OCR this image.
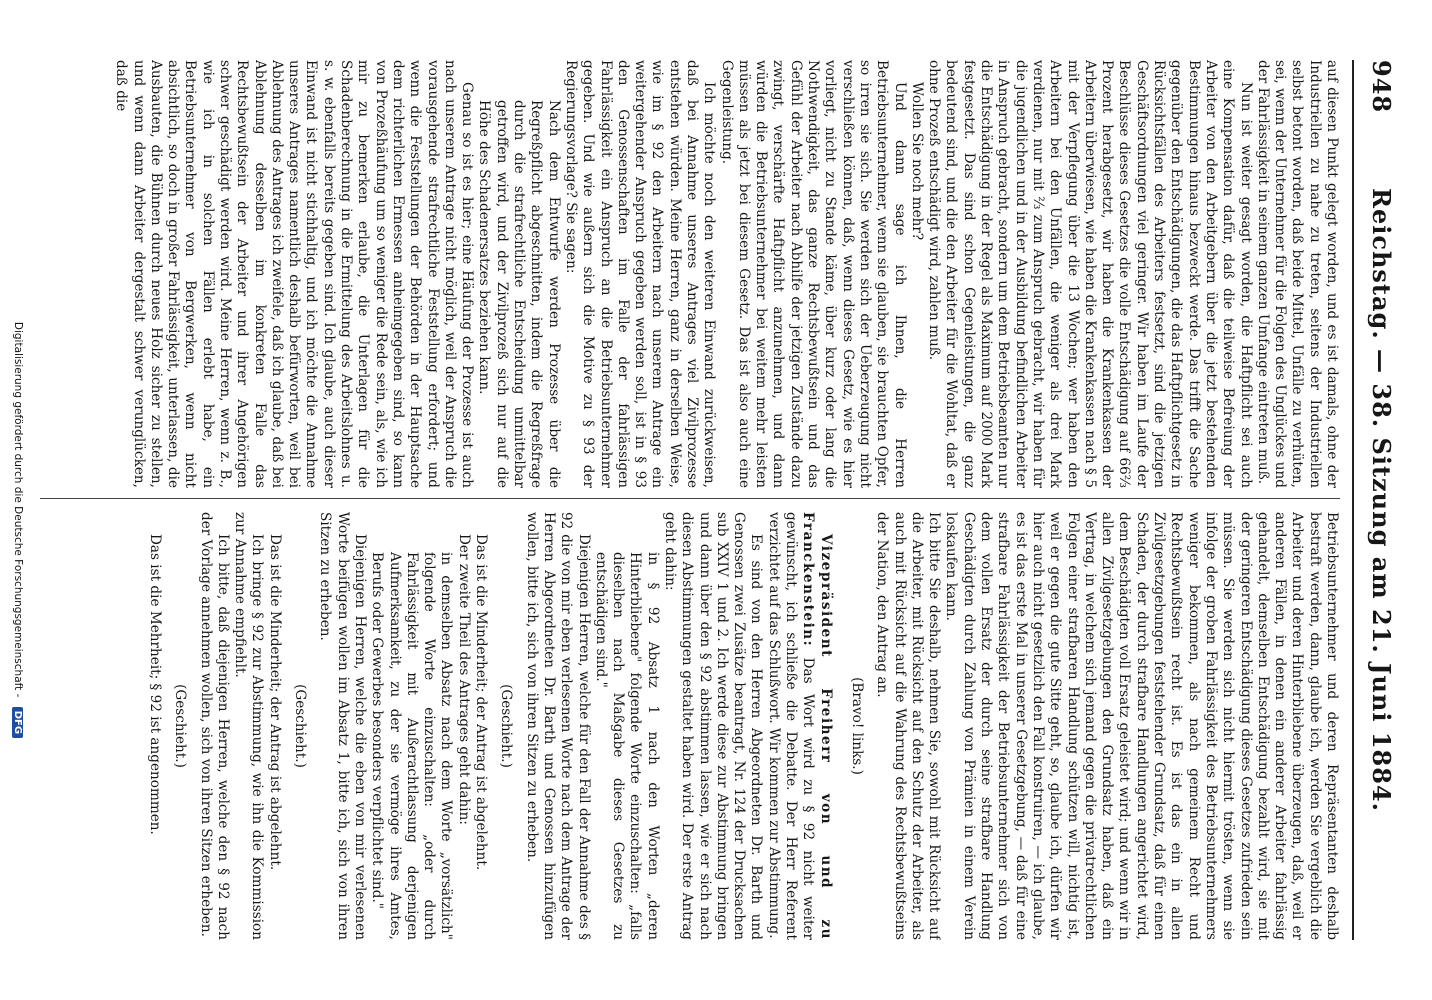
948
Reichstag. — 38. Sitzung am 21. Juni 1884.

auf diesen Punkt gelegt worden, und es ist damals, ohne der Industriellen zu nahe zu treten, seitens der Industriellen selbst betont worden, daß beide Mittel, Unfälle zu verhüten, sei, wenn der Unternehmer für die Folgen des Unglückes und der Fahrlässigkeit in seinem ganzen Umfange eintreten muß.

Nun ist weiter gesagt worden, die Haftpflicht sei auch eine Kompensation dafür, daß die teilweise Befreiung der Arbeiter von den Arbeitgebern über die jetzt bestehenden Bestimmungen hinaus bezweckt werde. Das trifft die Sache gegenüber den Entschädigungen, die das Haftpflichtgesetz in Rücksichtsfällen des Arbeiters festsetzt, sind die jetzigen Geschäftsordnungen viel geringer. Wir haben im Laufe der Beschlüsse dieses Gesetzes die volle Entschädigung auf 66⅔ Prozent herabgesetzt, wir haben die Krankenkassen der Arbeitern überwiesen, wie haben die Krankenkassen nach § 5 mit der Verpflegung über die 13 Wochen; wer haben den Arbeitern bei den Unfällen, die weniger als drei Mark verdienen, nur mit ⅔ zum Anspruch gebracht, wir haben für die jugendlichen und in der Ausbildung befindlichen Arbeiter in Anspruch gebracht, sondern um dem Betriebsbeamten nur die Entschädigung in der Regel als Maximum auf 2000 Mark festgesetzt. Das sind schon Gegenleistungen, die ganz bedeutend sind, und die den Arbeiter für die Wohltat, daß er ohne Prozeß entschädigt wird, zahlen muß.

Wollen Sie noch mehr?

Und dann sage ich Ihnen, die Herren Betriebsunternehmer, wenn sie glauben, sie brauchten Opfer, so irren sie sich. Sie werden sich der Ueberzeugung nicht verschließen können, daß, wenn dieses Gesetz, wie es hier vorliegt, nicht zu Stande käme, über kurz oder lang die Nothwendigkeit, das ganze Rechtsbewußtsein und das Gefühl der Arbeiter nach Abhilfe der jetzigen Zustände dazu zwingt, verschärfte Haftpflicht anzunehmen, und dann würden die Betriebsunternehmer bei weitem mehr leisten müssen als jetzt bei diesem Gesetz. Das ist also auch eine Gegenleistung.

Ich möchte noch den weiteren Einwand zurückweisen, daß bei Annahme unseres Antrages viel Zivilprozesse entstehen würden. Meine Herren, ganz in derselben Weise, wie im § 92 den Arbeitern nach unserem Antrage ein weitergehender Anspruch gegeben werden soll, ist in § 93 den Genossenschaften im Falle der fahrlässigen Fahrlässigkeit ein Anspruch an die Betriebsunternehmer gegeben. Und wie außern sich die Motive zu § 93 der Regierungsvorlage? Sie sagen:

Nach dem Entwurfe werden Prozesse über die Regreßpflicht abgeschnitten, indem die Regreßfrage durch die strafrechtliche Entscheidung unmittelbar getroffen wird, und der Zivilprozeß sich nur auf die Höhe des Schadenersatzes beziehen kann.

Genau so ist es hier; eine Häufung der Prozesse ist auch nach unserem Antrage nicht möglich, weil der Anspruch die vorausgehende strafrechtliche Feststellung erfordert; und wenn die Feststellungen der Behörden in der Hauptsache dem richterlichen Ermessen anheimgegeben sind, so kann von Prozeßhäufung um so weniger die Rede sein, als, wie ich mir zu bemerken erlaube, die Unterlagen für die Schadenberechnung in die Ermittelung des Arbeitslohnes u. s. w. ebenfalls bereits gegeben sind. Ich glaube, auch dieser Einwand ist nicht stichhaltig, und ich möchte die Annahme unseres Antrages namentlich deshalb befürworten, weil bei Ablehnung des Antrages ich zweifele, daß ich glaube, daß bei Ablehnung desselben im konkreten Falle das Rechtsbewußtsein der Arbeiter und ihrer Angehörigen schwer geschädigt werden wird. Meine Herren, wenn z. B., wie ich in solchen Fällen erlebt habe, ein Betriebsunternehmer von Bergwerken, wenn nicht absichtlich, so doch in großer Fahrlässigkeit, unterlassen, die Ausbauten, die Bühnen durch neues Holz sicher zu stellen, und wenn dann Arbeiter dergestalt schwer verunglücken, daß die

Betriebsunternehmer und deren Repräsentanten deshalb bestraft werden, dann, glaube ich, werden Sie vergeblich die Arbeiter und deren Hinterbliebene überzeugen, daß, weil er anderen Fällen, in denen ein anderer Arbeiter fahrlässig gehandelt, demselben Entschädigung bezahlt wird, sie mit der geringeren Entschädigung dieses Gesetzes zufrieden sein müssen. Sie werden sich nicht hiermit trösten, wenn sie infolge der groben Fahrlässigkeit des Betriebsunternehmers weniger bekommen, als nach gemeinem Recht und Rechtsbewußtsein recht ist. Es ist das ein in allen Zivilgesetzgebungen feststehender Grundsatz, daß für einen Schaden, der durch strafbare Handlungen angerichtet wird, dem Beschädigten voll Ersatz geleistet wird; und wenn wir in allen Zivilgesetzgebungen den Grundsatz haben, daß ein Vertrag, in welchem sich jemand gegen die privatrechtlichen Folgen einer strafbaren Handlung schützen will, nichtig ist, weil er gegen die gute Sitte geht, so, glaube ich, dürfen wir hier auch nicht gesetzlich den Fall konstruiren, — ich glaube, es ist das erste Mal in unserer Gesetzgebung, — daß für eine strafbare Fahrlässigkeit der Betriebsunternehmer sich von dem vollen Ersatz der durch seine strafbare Handlung Geschädigten durch Zahlung von Prämien in einem Verein loskaufen kann.

Ich bitte Sie deshalb, nehmen Sie, sowohl mit Rücksicht auf die Arbeiter, mit Rücksicht auf den Schutz der Arbeiter, als auch mit Rücksicht auf die Wahrung des Rechtsbewußtseins der Nation, den Antrag an.

(Bravo! links.)

Vizepräsident Freiherr von und zu Franckenstein: Das Wort wird zu § 92 nicht weiter gewünscht, ich schließe die Debatte. Der Herr Referent verzichtet auf das Schlußwort. Wir kommen zur Abstimmung.

Es sind von den Herren Abgeordneten Dr. Barth und Genossen zwei Zusätze beantragt, Nr. 124 der Drucksachen sub XXIV 1 und 2. Ich werde diese zur Abstimmung bringen und dann über den § 92 abstimmen lassen, wie er sich nach diesen Abstimmungen gestaltet haben wird. Der erste Antrag geht dahin:

in § 92 Absatz 1 nach den Worten „deren Hinterbliebene" folgende Worte einzuschalten: „falls dieselben nach Maßgabe dieses Gesetzes zu entschädigen sind."

Diejenigen Herren, welche für den Fall der Annahme des § 92 die von mir eben verlesenen Worte nach dem Antrage der Herren Abgeordneten Dr. Barth und Genossen hinzufügen wollen, bitte ich, sich von ihren Sitzen zu erheben.

(Geschieht.)

Das ist die Minderheit; der Antrag ist abgelehnt.

Der zweite Theil des Antrages geht dahin:

in demselben Absatz nach dem Worte „vorsätzlich" folgende Worte einzuschalten: „oder durch Fahrlässigkeit mit Außerachtlassung derjenigen Aufmerksamkeit, zu der sie vermöge ihres Amtes, Berufs oder Gewerbes besonders verpflichtet sind."

Diejenigen Herren, welche die eben von mir verlesenen Worte beifügen wollen im Absatz 1, bitte ich, sich von ihren Sitzen zu erheben.

(Geschieht.)

Das ist die Minderheit; der Antrag ist abgelehnt.

Ich bringe § 92 zur Abstimmung, wie ihn die Kommission zur Annahme empfiehlt.

Ich bitte, daß diejenigen Herren, welche den § 92 nach der Vorlage annehmen wollen, sich von ihren Sitzen erheben.

(Geschieht.)

Das ist die Mehrheit; § 92 ist angenommen.

Digitalisierung gefördert durch die Deutsche Forschungsgemeinschaft - DFG
